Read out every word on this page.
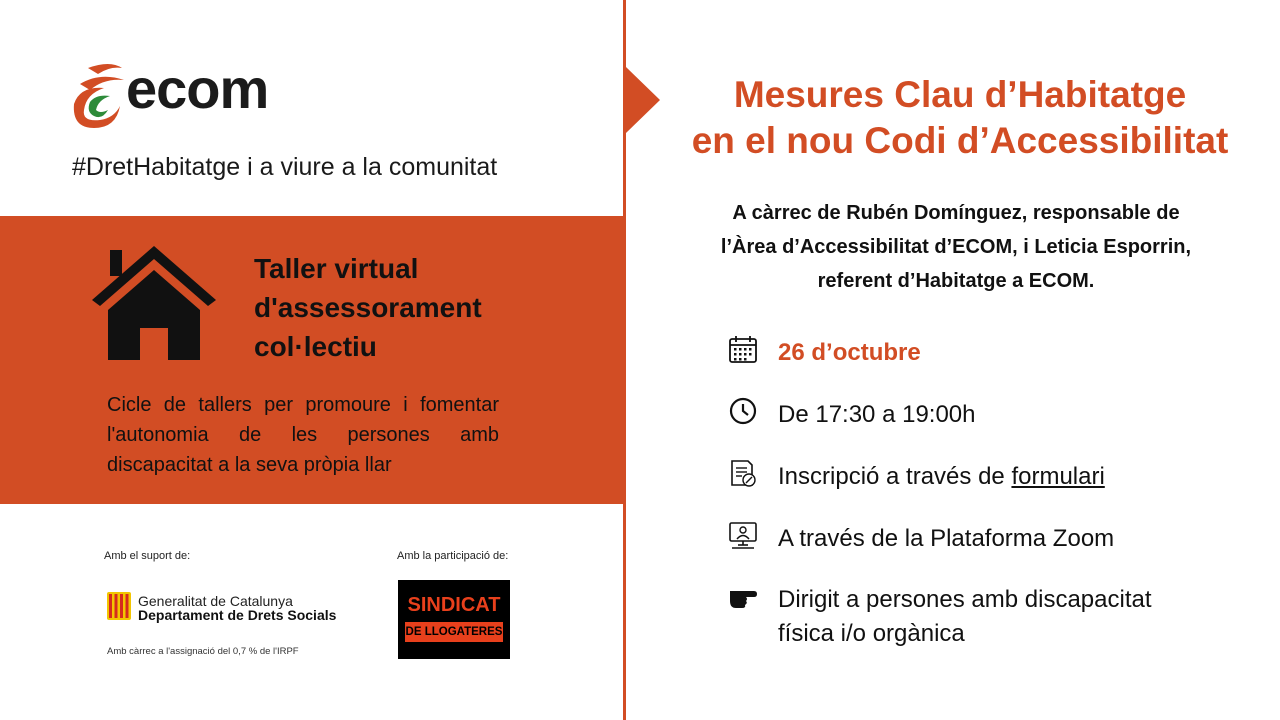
ecom
#DretHabitatge i a viure a la comunitat
Taller virtual
d'assessorament
col·lectiu
Cicle de tallers per promoure i fomentar l'autonomia de les persones amb discapacitat a la seva pròpia llar
Amb el suport de:	Amb la participació de:
Generalitat de Catalunya
Departament de Drets Socials
Amb càrrec a l'assignació del 0,7 % de l'IRPF
SINDICAT
DE LLOGATERES
Mesures Clau d’Habitatge
en el nou Codi d’Accessibilitat
A càrrec de Rubén Domínguez, responsable de
l’Àrea d’Accessibilitat d’ECOM, i Leticia Esporrin,
referent d’Habitatge a ECOM.
26 d’octubre
De 17:30 a 19:00h
Inscripció a través de formulari
A través de la Plataforma Zoom
Dirigit a persones amb discapacitat
física i/o orgànica
